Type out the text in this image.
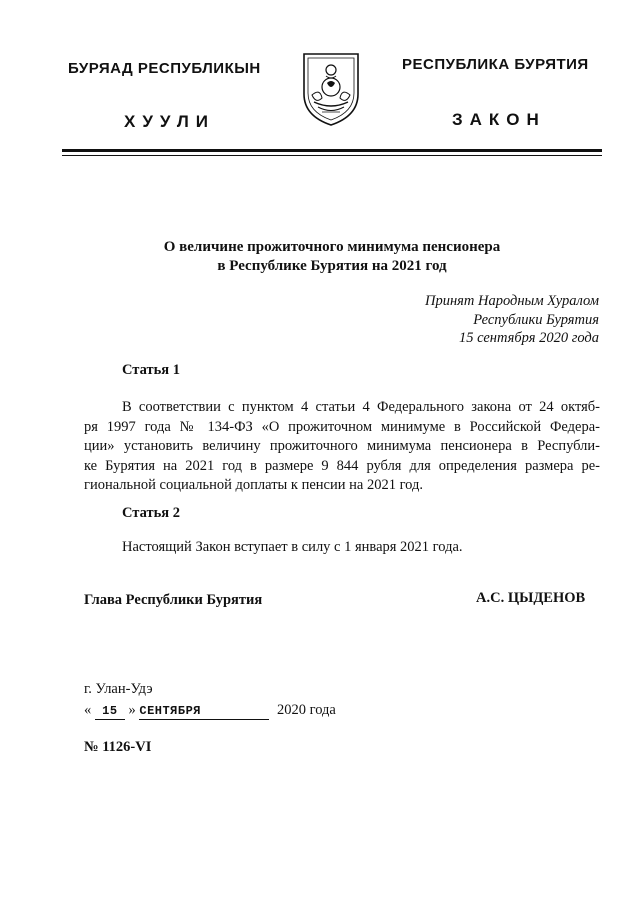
БУРЯАД РЕСПУБЛИКЫН	РЕСПУБЛИКА БУРЯТИЯ
ХУУЛИ	ЗАКОН
О величине прожиточного минимума пенсионера
в Республике Бурятия на 2021 год
Принят Народным Хуралом
Республики Бурятия
15 сентября 2020 года
Статья 1
В соответствии с пунктом 4 статьи 4 Федерального закона от 24 октяб-
ря 1997 года № 134-ФЗ «О прожиточном минимуме в Российской Федера-
ции» установить величину прожиточного минимума пенсионера в Республи-
ке Бурятия на 2021 год в размере 9 844 рубля для определения размера ре-
гиональной социальной доплаты к пенсии на 2021 год.
Статья 2
Настоящий Закон вступает в силу с 1 января 2021 года.
Глава Республики Бурятия	А.С. ЦЫДЕНОВ
г. Улан-Удэ
« 15 » СЕНТЯБРЯ	2020 года
№ 1126-VI
